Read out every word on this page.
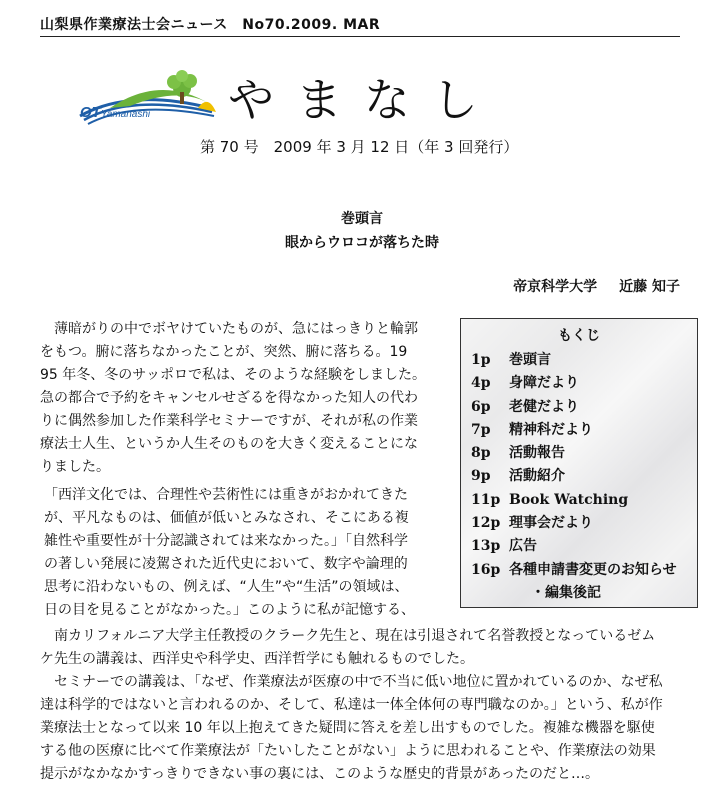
山梨県作業療法士会ニュース　No70.2009. MAR
OTYamanashi やまなし
第 70 号　2009 年 3 月 12 日（年 3 回発行）
巻頭言
眼からウロコが落ちた時
帝京科学大学 近藤 知子
　薄暗がりの中でボヤけていたものが、急にはっきりと輪郭
をもつ。腑に落ちなかったことが、突然、腑に落ちる。19
95 年冬、冬のサッポロで私は、そのような経験をしました。
急の都合で予約をキャンセルせざるを得なかった知人の代わ
りに偶然参加した作業科学セミナーですが、それが私の作業
療法士人生、というか人生そのものを大きく変えることにな
りました。
「西洋文化では、合理性や芸術性には重きがおかれてきた
が、平凡なものは、価値が低いとみなされ、そこにある複
雑性や重要性が十分認識されては来なかった。」「自然科学
の著しい発展に凌駕された近代史において、数字や論理的
思考に沿わないもの、例えば、“人生”や“生活”の領域は、
日の目を見ることがなかった。」このように私が記憶する、
　南カリフォルニア大学主任教授のクラーク先生と、現在は引退されて名誉教授となっているゼム
ケ先生の講義は、西洋史や科学史、西洋哲学にも触れるものでした。
　セミナーでの講義は、「なぜ、作業療法が医療の中で不当に低い地位に置かれているのか、なぜ私
達は科学的ではないと言われるのか、そして、私達は一体全体何の専門職なのか。」という、私が作
業療法士となって以来 10 年以上抱えてきた疑問に答えを差し出すものでした。複雑な機器を駆使
する他の医療に比べて作業療法が「たいしたことがない」ように思われることや、作業療法の効果
提示がなかなかすっきりできない事の裏には、このような歴史的背景があったのだと…。
もくじ
1p	巻頭言
4p	身障だより
6p	老健だより
7p	精神科だより
8p	活動報告
9p	活動紹介
11p Book Watching
12p 理事会だより
13p 広告
16p 各種申請書変更のお知らせ
・編集後記
